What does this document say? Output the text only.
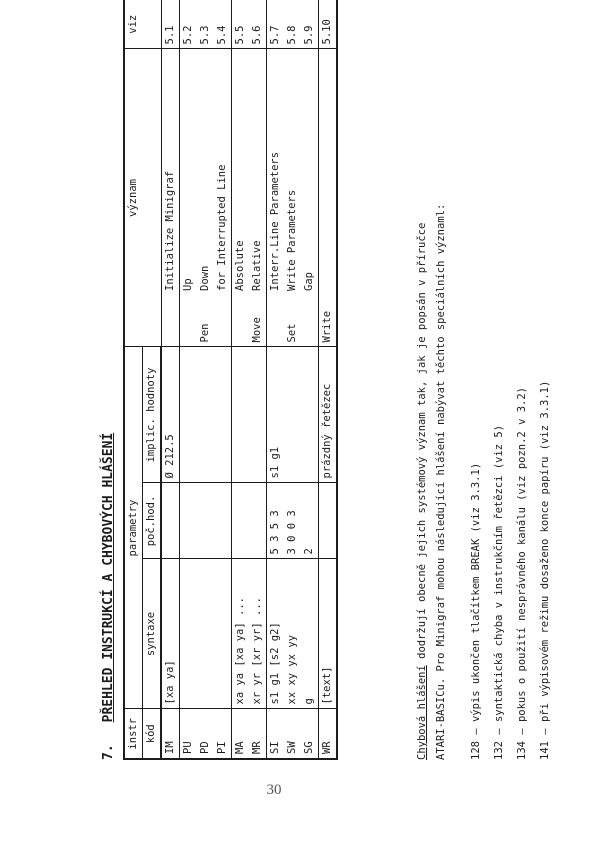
30
7.
PŘEHLED INSTRUKCÍ A CHYBOVÝCH HLÁŠENÍ
instr	parametry			význam		viz
kód	syntaxe	poč.hod.	implic. hodnoty			
IM	[xa ya]		Ø 212.5		Initialize Minigraf	5.1
PU					Up	5.2
PD				Pen	Down	5.3
PI					for Interrupted Line	5.4
MA	xa ya [xa ya] ...				Absolute	5.5
MR	xr yr [xr yr] ...			Move	Relative	5.6
SI	s1 g1 [s2 g2]	5 3 5 3	s1 g1		Interr.Line Parameters	5.7
SW	xx xy yx yy	3 0 0 3		Set	Write Parameters	5.8
SG	g	2			Gap	5.9
WR	[text]		prázdný řetězec	Write		5.10

Chybová hlášení dodržují obecně jejich systémový význam tak, jak je popsán v příručce ATARI-BASICu. Pro Minigraf mohou následující hlášení nabývat těchto speciálních významl:	128 – výpis ukončen tlačítkem BREAK (viz 3.3.1)
132 – syntaktická chyba v instrukčním řetězci (viz 5)
134 – pokus o použití nesprávného kanálu (viz pozn.2 v 3.2)
141 – při výpisovém režimu dosaženo konce papíru (viz 3.3.1)
